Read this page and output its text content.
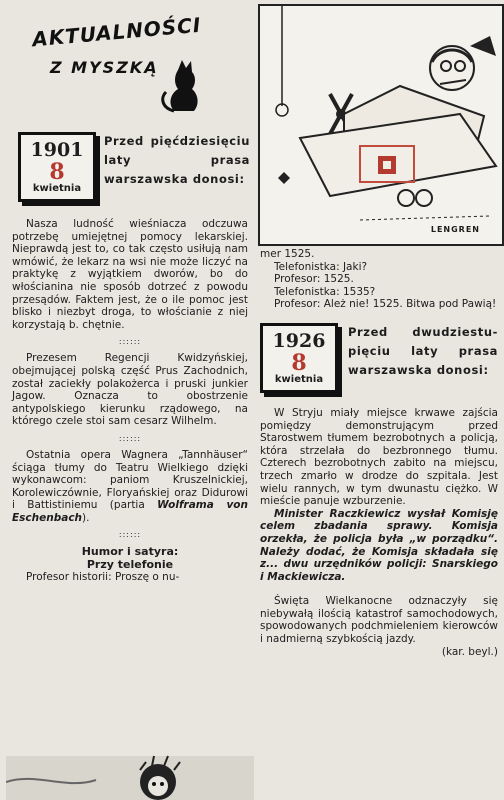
AKTUALNOŚCI
Z MYSZKĄ
1901
8
kwietnia
Przed pięćdziesięciu laty prasa warszawska donosi:

Nasza ludność wieśniacza odczuwa potrzebę umiejętnej pomocy lekarskiej. Nieprawdą jest to, co tak często usiłują nam wmówić, że lekarz na wsi nie może liczyć na praktykę z wyjątkiem dworów, bo do włościanina nie sposób dotrzeć z powodu przesądów. Faktem jest, że o ile pomoc jest blisko i niezbyt droga, to włościanie z niej korzystają b. chętnie.

::::::

Prezesem Regencji Kwidzyńskiej, obejmującej polską część Prus Zachodnich, został zaciekły polakożerca i pruski junkier Jagow. Oznacza to obostrzenie antypolskiego kierunku rządowego, na którego czele stoi sam cesarz Wilhelm.

::::::

Ostatnia opera Wagnera „Tannhäuser“ ściąga tłumy do Teatru Wielkiego dzięki wykonawcom: paniom Kruszelnickiej, Korolewiczównie, Floryańskiej oraz Didurowi i Battistiniemu (partia Wolframa von Eschenbach).

::::::
Humor i satyra:
Przy telefonie

Profesor historii: Proszę o nu-

LENGREN

mer 1525.

Telefonistka: Jaki?

Profesor: 1525.

Telefonistka: 1535?

Profesor: Ależ nie! 1525. Bitwa pod Pawią!

1926
8
kwietnia
Przed dwudziestu-pięciu laty prasa warszawska donosi:

W Stryju miały miejsce krwawe zajścia pomiędzy demonstrującym przed Starostwem tłumem bezrobotnych a policją, która strzelała do bezbronnego tłumu. Czterech bezrobotnych zabito na miejscu, trzech zmarło w drodze do szpitala. Jest wielu rannych, w tym dwunastu ciężko. W mieście panuje wzburzenie.

Minister Raczkiewicz wysłał Komisję celem zbadania sprawy. Komisja orzekła, że policja była „w porządku“. Należy dodać, że Komisja składała się z... dwu urzędników policji: Snarskiego i Mackiewicza.

Święta Wielkanocne odznaczyły się niebywałą ilością katastrof samochodowych, spowodowanych podchmieleniem kierowców i nadmierną szybkością jazdy.

(kar. beyl.)
